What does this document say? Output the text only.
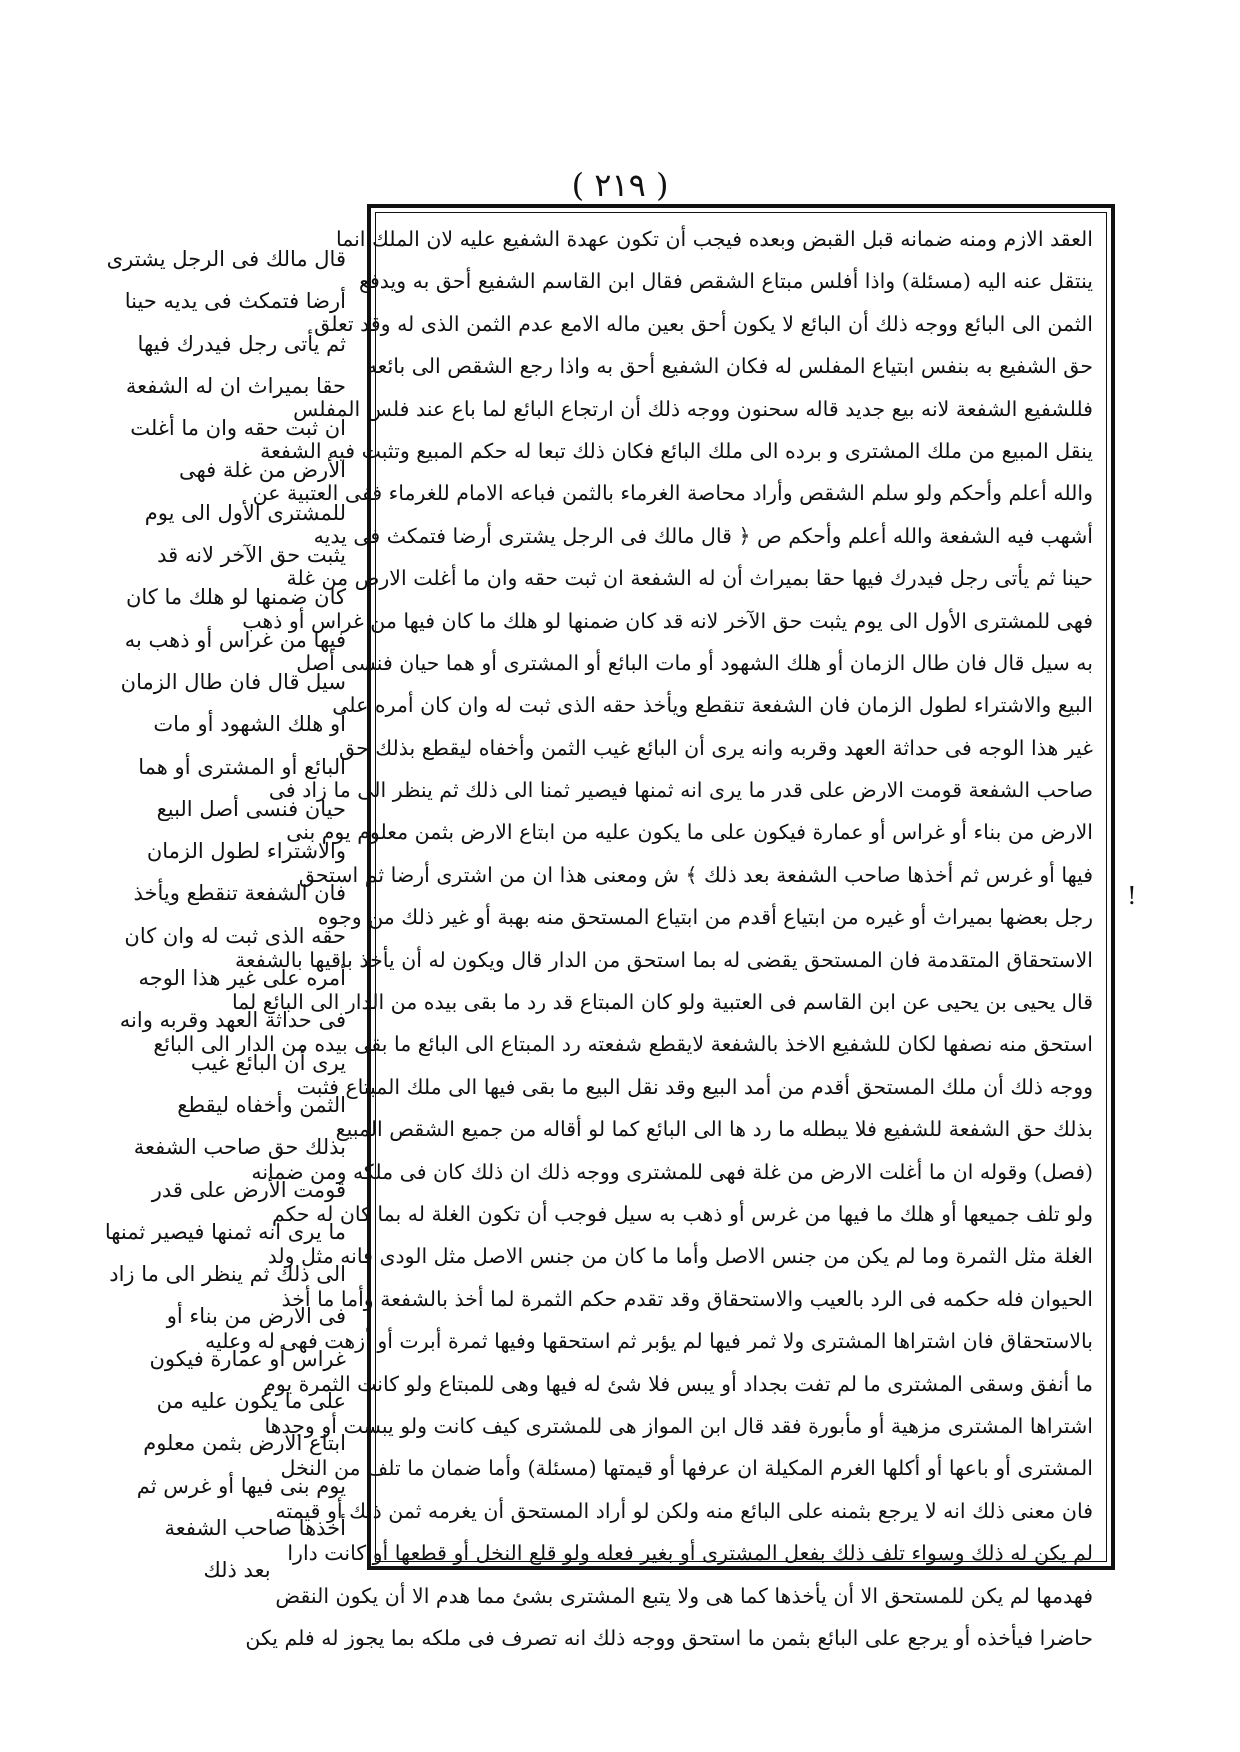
( ٢١٩ )
قال مالك فى الرجل يشترى
أرضا فتمكث فى يديه حينا
ثم يأتى رجل فيدرك فيها
حقا بميراث ان له الشفعة
ان ثبت حقه وان ما أغلت
الأرض من غلة فهى
للمشترى الأول الى يوم
يثبت حق الآخر لانه قد
كان ضمنها لو هلك ما كان
فيها من غراس أو ذهب به
سيل قال فان طال الزمان
أو هلك الشهود أو مات
البائع أو المشترى أو هما
حيان فنسى أصل البيع
والاشتراء لطول الزمان
فان الشفعة تنقطع ويأخذ
حقه الذى ثبت له وان كان
أمره على غير هذا الوجه
فى حداثة العهد وقربه وانه
يرى أن البائع غيب
الثمن وأخفاه ليقطع
بذلك حق صاحب الشفعة
قومت الأرض على قدر
ما يرى انه ثمنها فيصير ثمنها
الى ذلك ثم ينظر الى ما زاد
فى الارض من بناء أو
غراس أو عمارة فيكون
على ما يكون عليه من
ابتاع الارض بثمن معلوم
يوم بنى فيها أو غرس ثم
أخذها صاحب الشفعة
بعد ذلك
العقد الازم ومنه ضمانه قبل القبض وبعده فيجب أن تكون عهدة الشفيع عليه لان الملك انما
ينتقل عنه اليه (مسئلة) واذا أفلس مبتاع الشقص فقال ابن القاسم الشفيع أحق به ويدفع
الثمن الى البائع ووجه ذلك أن البائع لا يكون أحق بعين ماله الامع عدم الثمن الذى له وقد تعلق
حق الشفيع به بنفس ابتياع المفلس له فكان الشفيع أحق به واذا رجع الشقص الى بائعه
فللشفيع الشفعة لانه بيع جديد قاله سحنون ووجه ذلك أن ارتجاع البائع لما باع عند فلس المفلس
ينقل المبيع من ملك المشترى و برده الى ملك البائع فكان ذلك تبعا له حكم المبيع وتثبت فيه الشفعة
والله أعلم وأحكم ولو سلم الشقص وأراد محاصة الغرماء بالثمن فباعه الامام للغرماء ففى العتبية عن
أشهب فيه الشفعة والله أعلم وأحكم ص ﴿ قال مالك فى الرجل يشترى أرضا فتمكث فى يديه
حينا ثم يأتى رجل فيدرك فيها حقا بميراث أن له الشفعة ان ثبت حقه وان ما أغلت الارض من غلة
فهى للمشترى الأول الى يوم يثبت حق الآخر لانه قد كان ضمنها لو هلك ما كان فيها من غراس أو ذهب
به سيل قال فان طال الزمان أو هلك الشهود أو مات البائع أو المشترى أو هما حيان فنسى أصل
البيع والاشتراء لطول الزمان فان الشفعة تنقطع ويأخذ حقه الذى ثبت له وان كان أمره على
غير هذا الوجه فى حداثة العهد وقربه وانه يرى أن البائع غيب الثمن وأخفاه ليقطع بذلك حق
صاحب الشفعة قومت الارض على قدر ما يرى انه ثمنها فيصير ثمنا الى ذلك ثم ينظر الى ما زاد فى
الارض من بناء أو غراس أو عمارة فيكون على ما يكون عليه من ابتاع الارض بثمن معلوم يوم بنى
فيها أو غرس ثم أخذها صاحب الشفعة بعد ذلك ﴾ ش ومعنى هذا ان من اشترى أرضا ثم استحق
رجل بعضها بميراث أو غيره من ابتياع أقدم من ابتياع المستحق منه بهبة أو غير ذلك من وجوه
الاستحقاق المتقدمة فان المستحق يقضى له بما استحق من الدار قال ويكون له أن يأخذ باقيها بالشفعة
قال يحيى بن يحيى عن ابن القاسم فى العتبية ولو كان المبتاع قد رد ما بقى بيده من الدار الى البائع لما
استحق منه نصفها لكان للشفيع الاخذ بالشفعة لايقطع شفعته رد المبتاع الى البائع ما بقى بيده من الدار الى البائع
ووجه ذلك أن ملك المستحق أقدم من أمد البيع وقد نقل البيع ما بقى فيها الى ملك المبتاع فثبت
بذلك حق الشفعة للشفيع فلا يبطله ما رد ها الى البائع كما لو أقاله من جميع الشقص المبيع
(فصل) وقوله ان ما أغلت الارض من غلة فهى للمشترى ووجه ذلك ان ذلك كان فى ملكه ومن ضمانه
ولو تلف جميعها أو هلك ما فيها من غرس أو ذهب به سيل فوجب أن تكون الغلة له بما كان له حكم
الغلة مثل الثمرة وما لم يكن من جنس الاصل وأما ما كان من جنس الاصل مثل الودى فانه مثل ولد
الحيوان فله حكمه فى الرد بالعيب والاستحقاق وقد تقدم حكم الثمرة لما أخذ بالشفعة وأما ما أخذ
بالاستحقاق فان اشتراها المشترى ولا ثمر فيها لم يؤبر ثم استحقها وفيها ثمرة أبرت أو أزهت فهى له وعليه
ما أنفق وسقى المشترى ما لم تفت بجداد أو يبس فلا شئ له فيها وهى للمبتاع ولو كانت الثمرة يوم
اشتراها المشترى مزهية أو مأبورة فقد قال ابن المواز هى للمشترى كيف كانت ولو يبست أو وجدها
المشترى أو باعها أو أكلها الغرم المكيلة ان عرفها أو قيمتها (مسئلة) وأما ضمان ما تلف من النخل
فان معنى ذلك انه لا يرجع بثمنه على البائع منه ولكن لو أراد المستحق أن يغرمه ثمن ذلك أو قيمته
لم يكن له ذلك وسواء تلف ذلك بفعل المشترى أو بغير فعله ولو قلع النخل أو قطعها أو كانت دارا
فهدمها لم يكن للمستحق الا أن يأخذها كما هى ولا يتبع المشترى بشئ مما هدم الا أن يكون النقض
حاضرا فيأخذه أو يرجع على البائع بثمن ما استحق ووجه ذلك انه تصرف فى ملكه بما يجوز له فلم يكن
!
